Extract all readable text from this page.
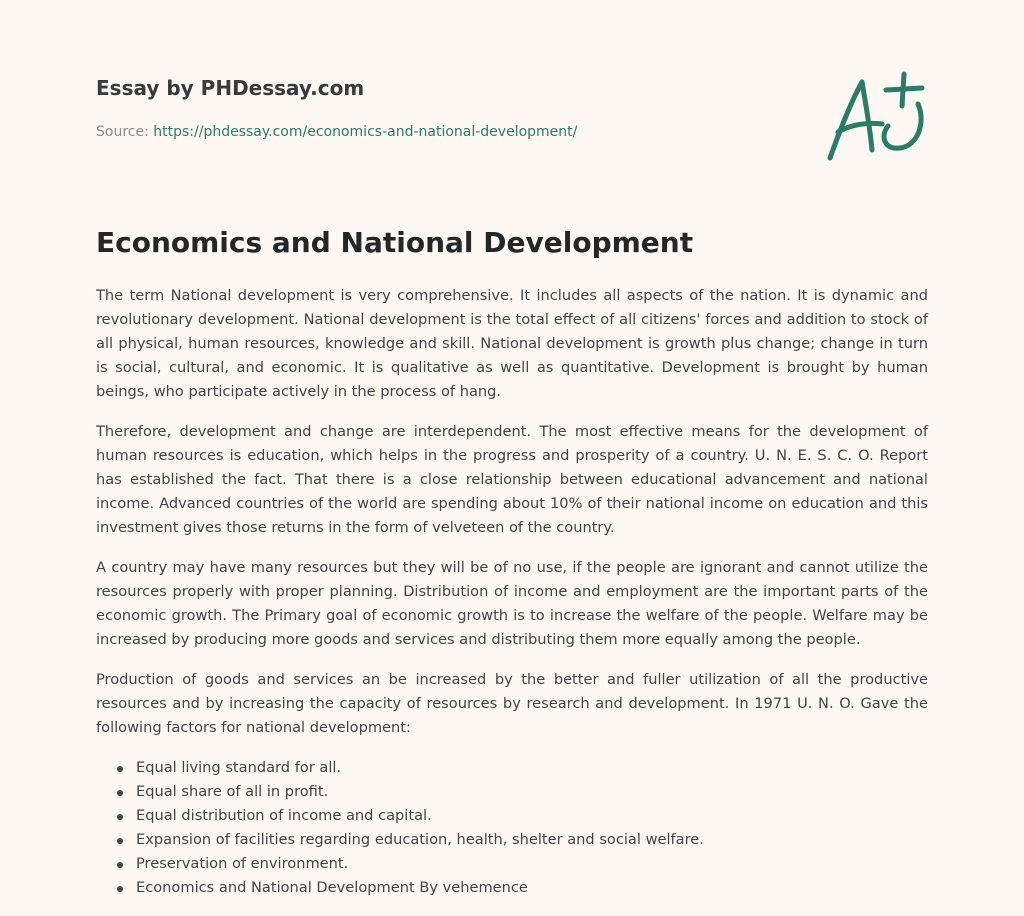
Essay by PHDessay.com
Source: https://phdessay.com/economics-and-national-development/
Economics and National Development

The term National development is very comprehensive. It includes all aspects of the nation. It is dynamic and revolutionary development. National development is the total effect of all citizens' forces and addition to stock of all physical, human resources, knowledge and skill. National development is growth plus change; change in turn is social, cultural, and economic. It is qualitative as well as quantitative. Development is brought by human beings, who participate actively in the process of hang.

Therefore, development and change are interdependent. The most effective means for the development of human resources is education, which helps in the progress and prosperity of a country. U. N. E. S. C. O. Report has established the fact. That there is a close relationship between educational advancement and national income. Advanced countries of the world are spending about 10% of their national income on education and this investment gives those returns in the form of velveteen of the country.

A country may have many resources but they will be of no use, if the people are ignorant and cannot utilize the resources properly with proper planning. Distribution of income and employment are the important parts of the economic growth. The Primary goal of economic growth is to increase the welfare of the people. Welfare may be increased by producing more goods and services and distributing them more equally among the people.

Production of goods and services an be increased by the better and fuller utilization of all the productive resources and by increasing the capacity of resources by research and development. In 1971 U. N. O. Gave the following factors for national development:

Equal living standard for all.
Equal share of all in profit.
Equal distribution of income and capital.
Expansion of facilities regarding education, health, shelter and social welfare.
Preservation of environment.
Economics and National Development By vehemence
